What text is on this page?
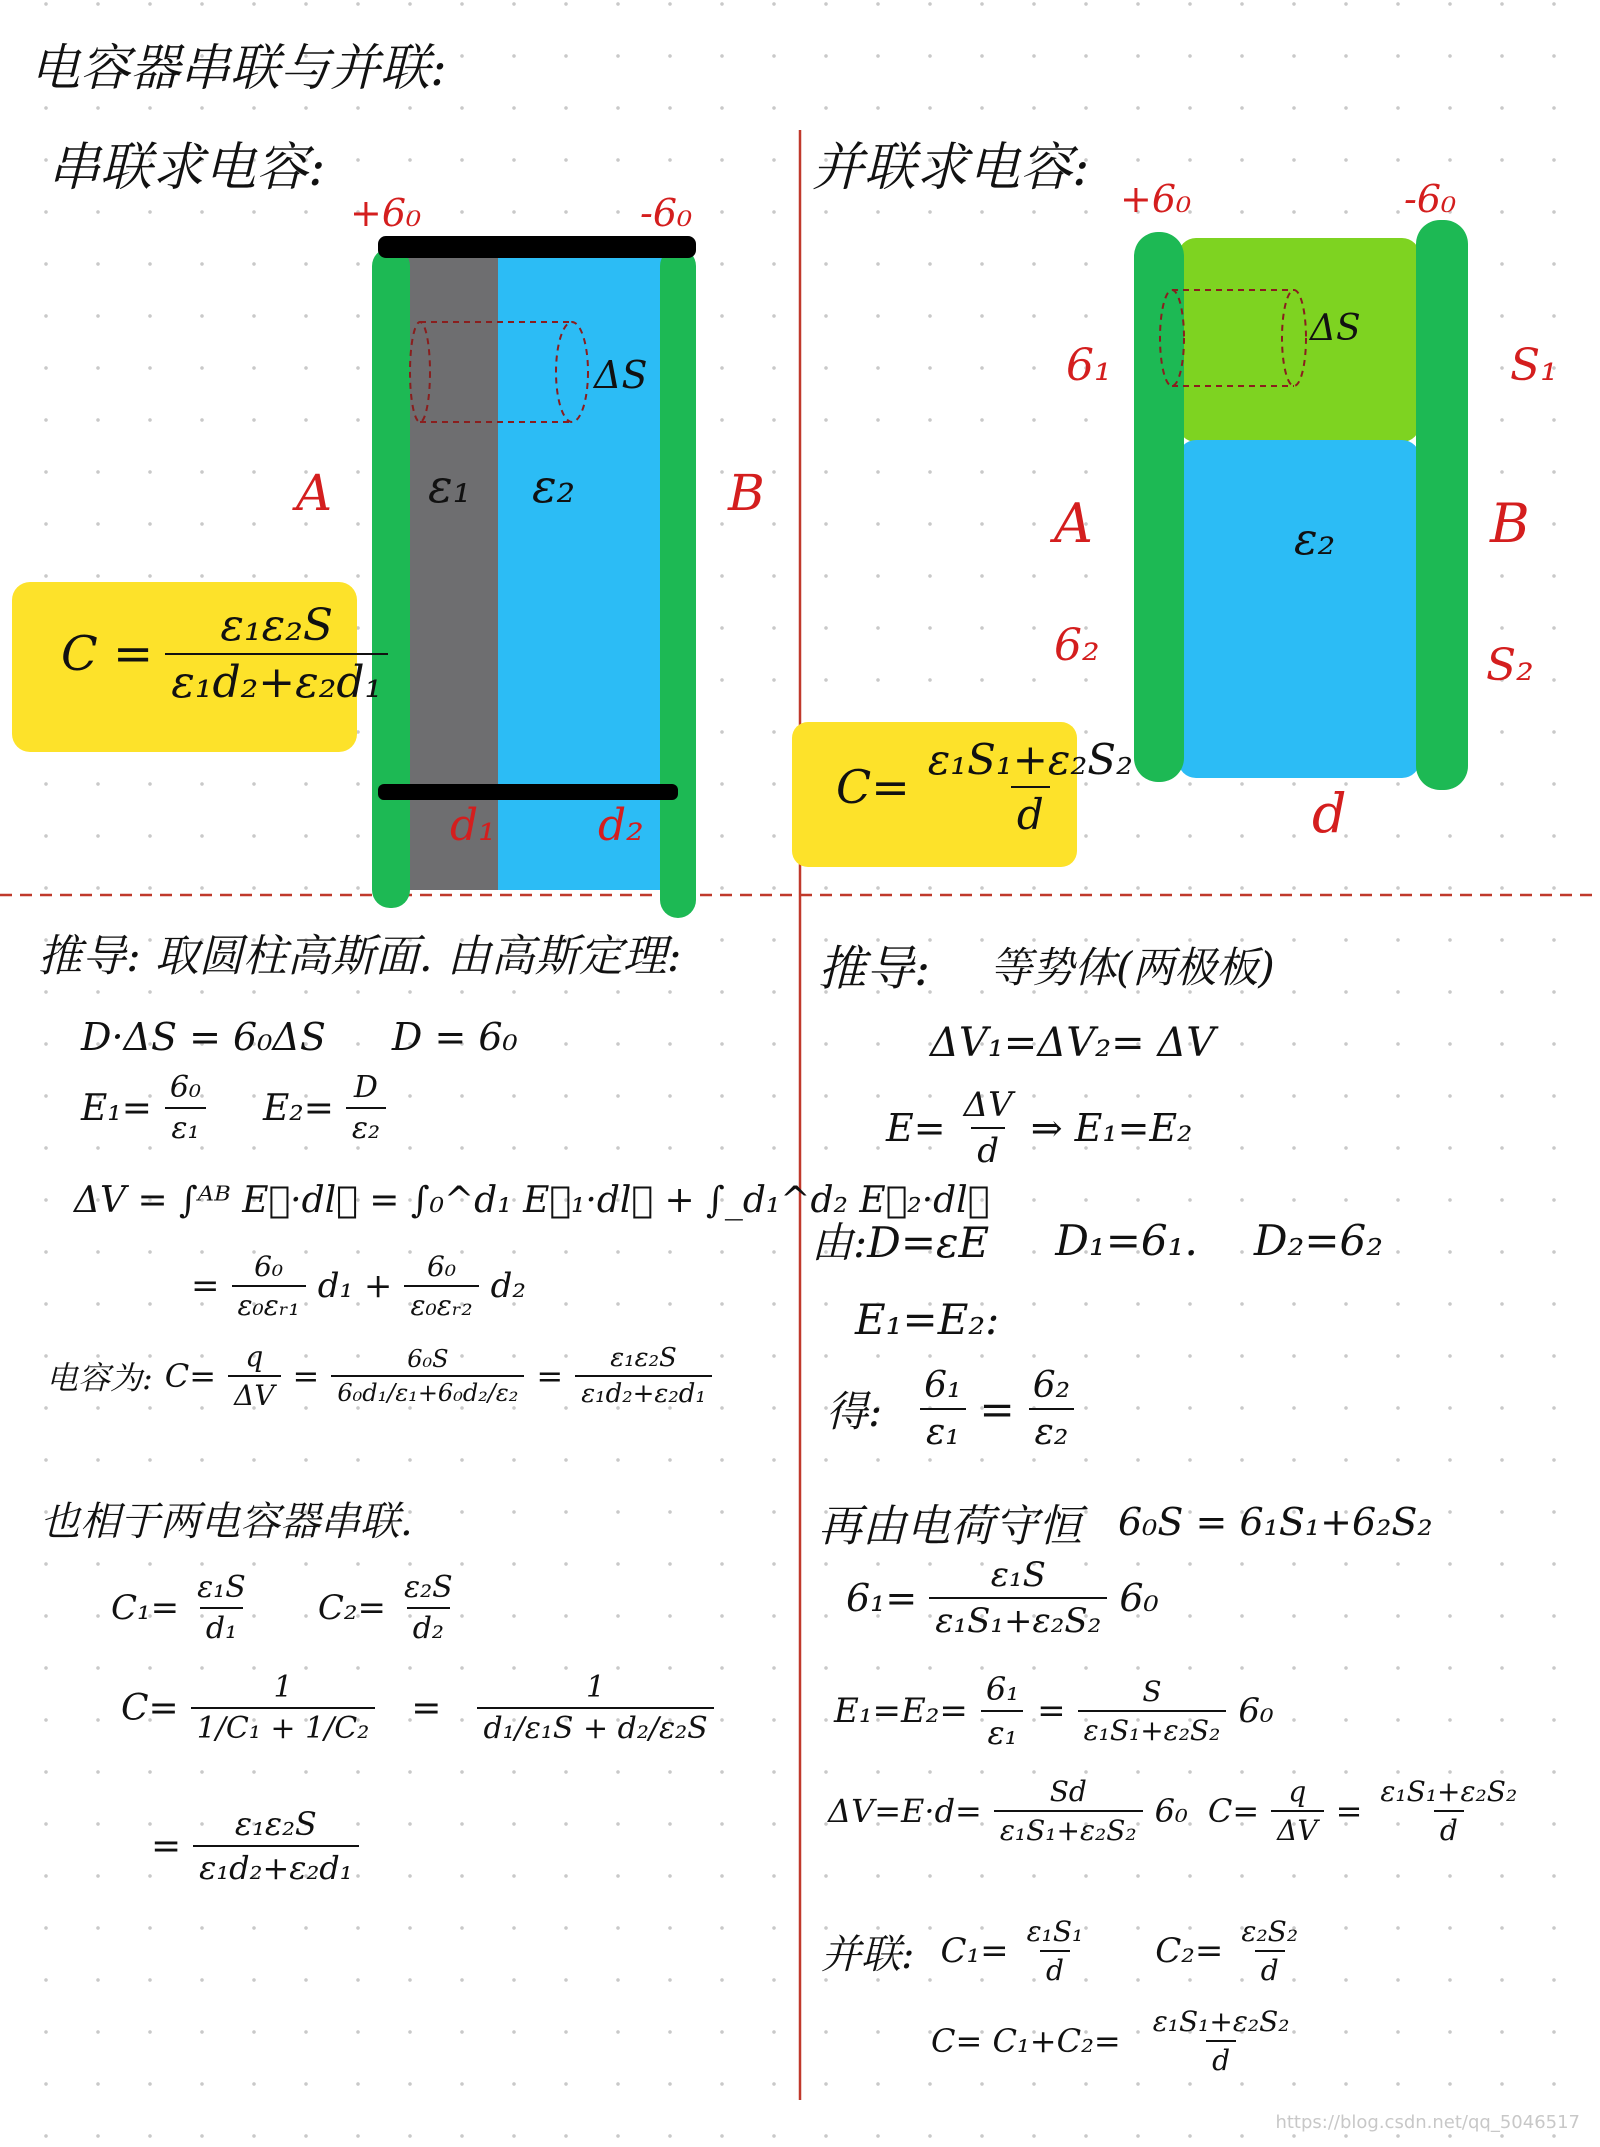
电容器串联与并联:
串联求电容:
ΔS
ε₁ ε₂
A	B
+6₀	-6₀
d₁ d₂
$C = \frac{\text{ε₁ε₂S}}{\text{ε₁d₂+ε₂d₁}}$
并联求电容:
ΔS
+6₀	-6₀
6₁	S₁
A	B
ε₂
6₂	S₂
d
$C= \frac{\text{ε₁S₁+ε₂S₂}}{d}$
推导: 取圆柱高斯面. 由高斯定理:
D·ΔS = 6₀ΔS D = 6₀
$E_1= \frac{\text{6₀}}{\text{ε₁}} E_2= \frac{D}{\text{ε₂}}$
ΔV = ∫ᴬᴮ E⃗·dl⃗ = ∫₀^d₁ E⃗₁·dl⃗ + ∫_d₁^d₂ E⃗₂·dl⃗
= $\frac{\text{6₀}}{\text{ε₀εᵣ₁}} d_1 + \frac{\text{6₀}}{\text{ε₀εᵣ₂}} d_2$
电容为: $C= \frac{q}{\Delta V} = \frac{\text{6₀S}}{\text{6₀d₁/ε₁+6₀d₂/ε₂}} = \frac{\text{ε₁ε₂S}}{\text{ε₁d₂+ε₂d₁}}$
也相于两电容器串联.
$C_1= \frac{\text{ε₁S}}{\text{d₁}} C_2= \frac{\text{ε₂S}}{\text{d₂}}$
$C= \frac{1}{\text{1/C₁ + 1/C₂}} = \frac{1}{\text{d₁/ε₁S + d₂/ε₂S}}$
= $\frac{\text{ε₁ε₂S}}{\text{ε₁d₂+ε₂d₁}}$
推导: 等势体(两极板)
ΔV₁=ΔV₂= ΔV
$E= \frac{\Delta V}{d}$ ⇒ E₁=E₂
由:D=εE D₁=6₁. D₂=6₂
E₁=E₂:
得: $\frac{\text{6₁}}{\text{ε₁}} = \frac{\text{6₂}}{\text{ε₂}}$
再由电荷守恒 6₀S = 6₁S₁+6₂S₂
$6_1= \frac{\text{ε₁S}}{\text{ε₁S₁+ε₂S₂}} 6_0$
$E_1=E_2= \frac{\text{6₁}}{\text{ε₁}} = \frac{S}{\text{ε₁S₁+ε₂S₂}} 6_0$
$\Delta V=E\cdot d= \frac{Sd}{\text{ε₁S₁+ε₂S₂}} 6_0$ $C= \frac{q}{\Delta V} = \frac{\text{ε₁S₁+ε₂S₂}}{d}$
并联: $C_1= \frac{\text{ε₁S₁}}{d} C_2= \frac{\text{ε₂S₂}}{d}$
$C= C_1+C_2= \frac{\text{ε₁S₁+ε₂S₂}}{d}$
https://blog.csdn.net/qq_5046517
